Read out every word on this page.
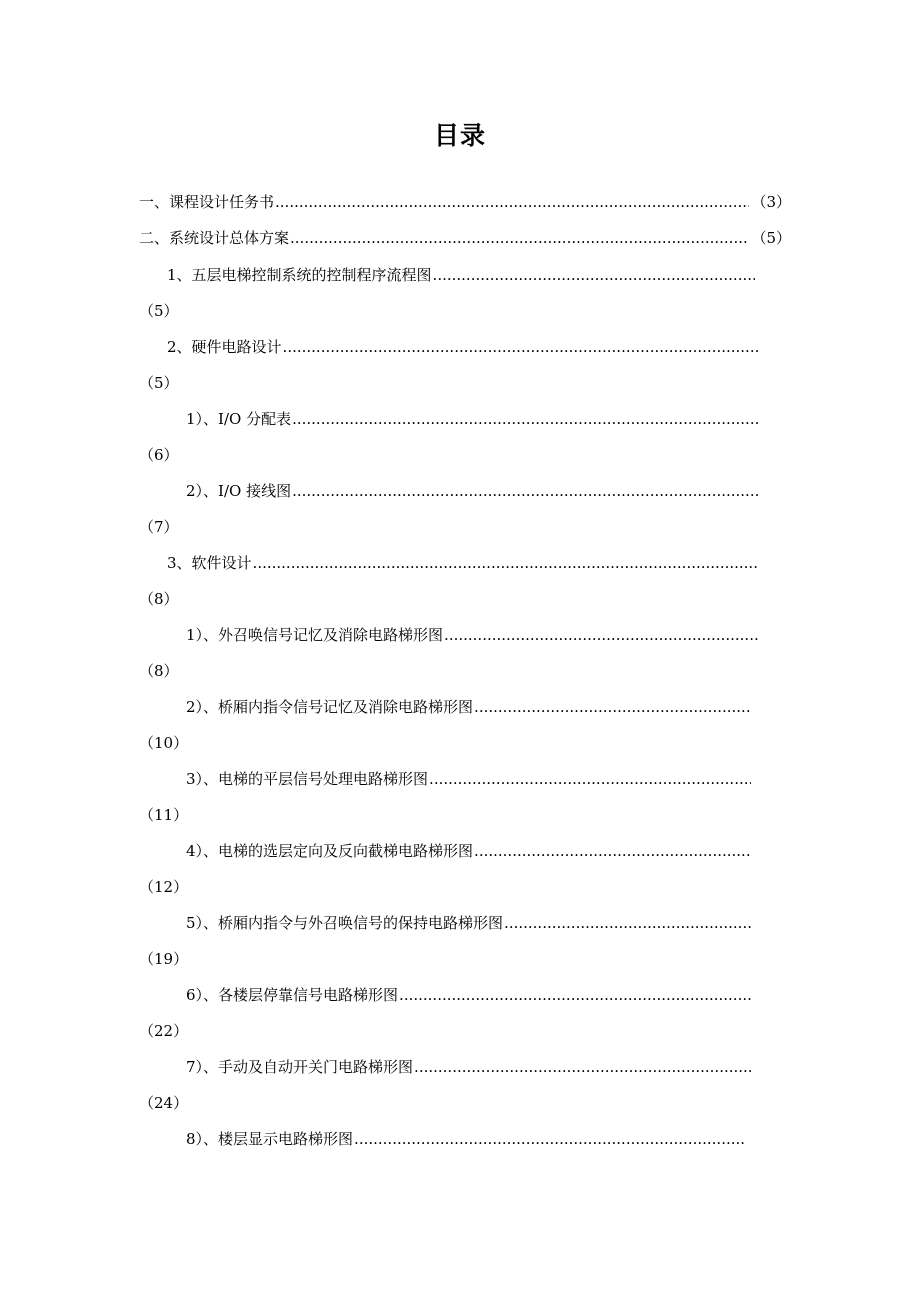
目录
一、课程设计任务书 .....	（3）
二、系统设计总体方案 .....	（5）
1、五层电梯控制系统的控制程序流程图
.....
（5）
2、硬件电路设计
.....
（5）
1）、I/O 分配表
.....
（6）
2）、I/O 接线图
.....
（7）
3、软件设计
.....
（8）
1）、外召唤信号记忆及消除电路梯形图
.....
（8）
2）、桥厢内指令信号记忆及消除电路梯形图
.....
（10）
3）、电梯的平层信号处理电路梯形图
.....
（11）
4）、电梯的选层定向及反向截梯电路梯形图
.....
（12）
5）、桥厢内指令与外召唤信号的保持电路梯形图
.....
（19）
6）、各楼层停靠信号电路梯形图
.....
（22）
7）、手动及自动开关门电路梯形图
.....
（24）
8）、楼层显示电路梯形图
.....
